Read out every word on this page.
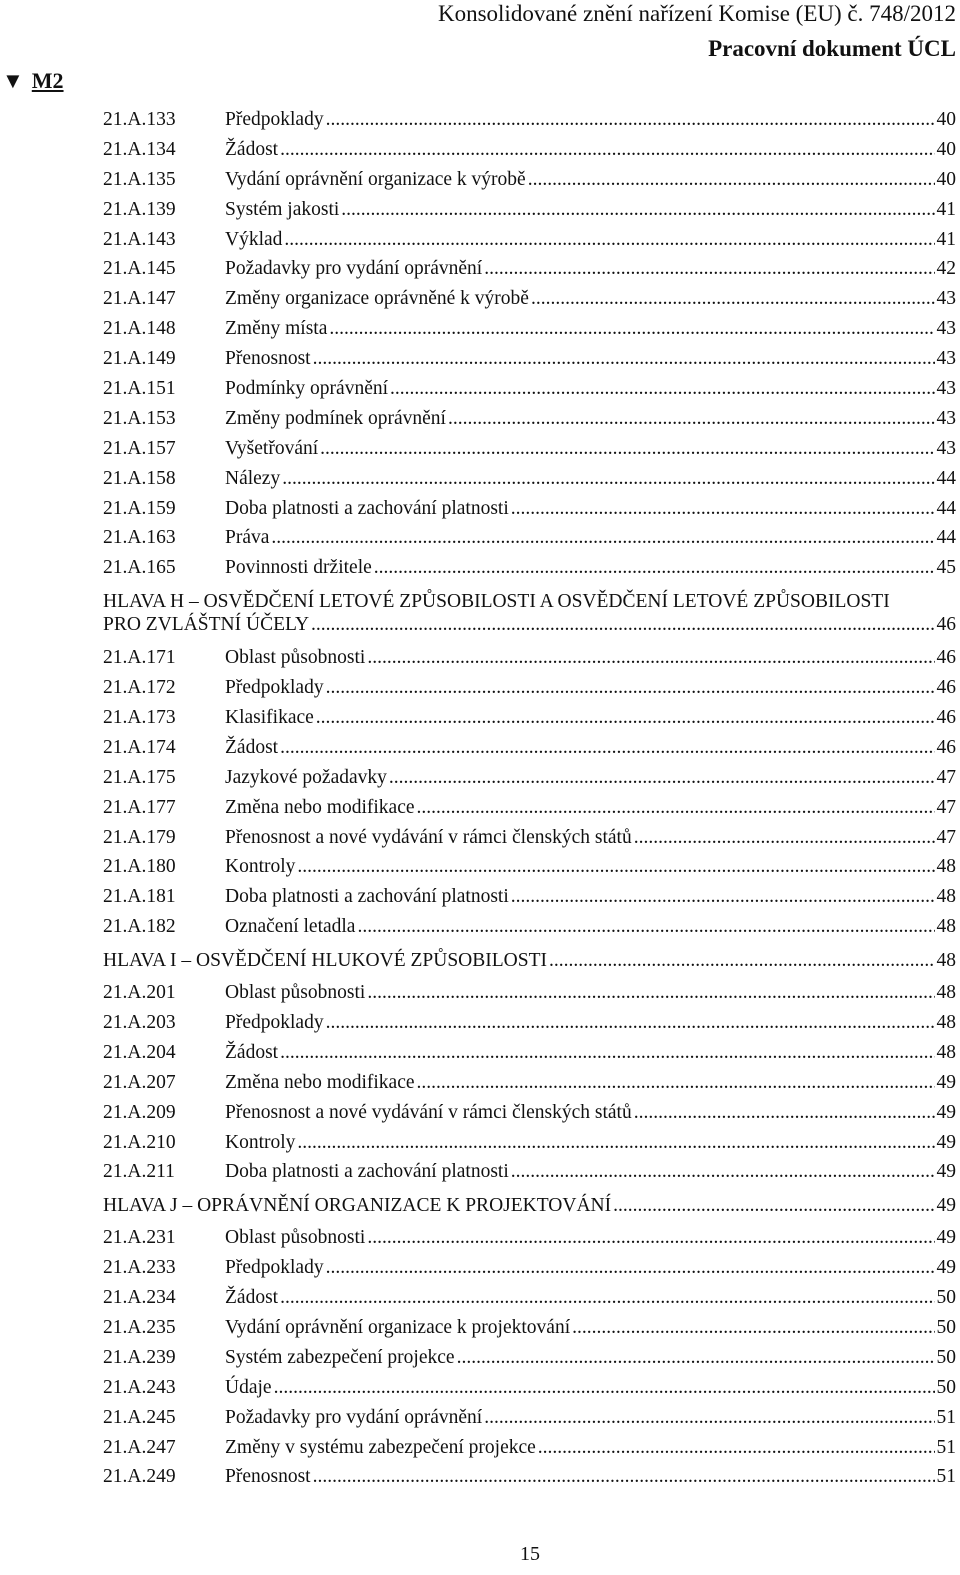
Konsolidované znění nařízení Komise (EU) č. 748/2012
Pracovní dokument ÚCL
▼ M2
21.A.133	Předpoklady .....	40
21.A.134	Žádost .....	40
21.A.135	Vydání oprávnění organizace k výrobě .....	40
21.A.139	Systém jakosti .....	41
21.A.143	Výklad .....	41
21.A.145	Požadavky pro vydání oprávnění .....	42
21.A.147	Změny organizace oprávněné k výrobě .....	43
21.A.148	Změny místa .....	43
21.A.149	Přenosnost .....	43
21.A.151	Podmínky oprávnění .....	43
21.A.153	Změny podmínek oprávnění .....	43
21.A.157	Vyšetřování .....	43
21.A.158	Nálezy .....	44
21.A.159	Doba platnosti a zachování platnosti .....	44
21.A.163	Práva .....	44
21.A.165	Povinnosti držitele .....	45
HLAVA H – OSVĚDČENÍ LETOVÉ ZPŮSOBILOSTI A OSVĚDČENÍ LETOVÉ ZPŮSOBILOSTI
PRO ZVLÁŠTNÍ ÚČELY .....	46
21.A.171	Oblast působnosti .....	46
21.A.172	Předpoklady .....	46
21.A.173	Klasifikace .....	46
21.A.174	Žádost .....	46
21.A.175	Jazykové požadavky .....	47
21.A.177	Změna nebo modifikace .....	47
21.A.179	Přenosnost a nové vydávání v rámci členských států .....	47
21.A.180	Kontroly .....	48
21.A.181	Doba platnosti a zachování platnosti .....	48
21.A.182	Označení letadla .....	48
HLAVA I – OSVĚDČENÍ HLUKOVÉ ZPŮSOBILOSTI .....	48
21.A.201	Oblast působnosti .....	48
21.A.203	Předpoklady .....	48
21.A.204	Žádost .....	48
21.A.207	Změna nebo modifikace .....	49
21.A.209	Přenosnost a nové vydávání v rámci členských států .....	49
21.A.210	Kontroly .....	49
21.A.211	Doba platnosti a zachování platnosti .....	49
HLAVA J – OPRÁVNĚNÍ ORGANIZACE K PROJEKTOVÁNÍ .....	49
21.A.231	Oblast působnosti .....	49
21.A.233	Předpoklady .....	49
21.A.234	Žádost .....	50
21.A.235	Vydání oprávnění organizace k projektování .....	50
21.A.239	Systém zabezpečení projekce .....	50
21.A.243	Údaje .....	50
21.A.245	Požadavky pro vydání oprávnění .....	51
21.A.247	Změny v systému zabezpečení projekce .....	51
21.A.249	Přenosnost .....	51
15
